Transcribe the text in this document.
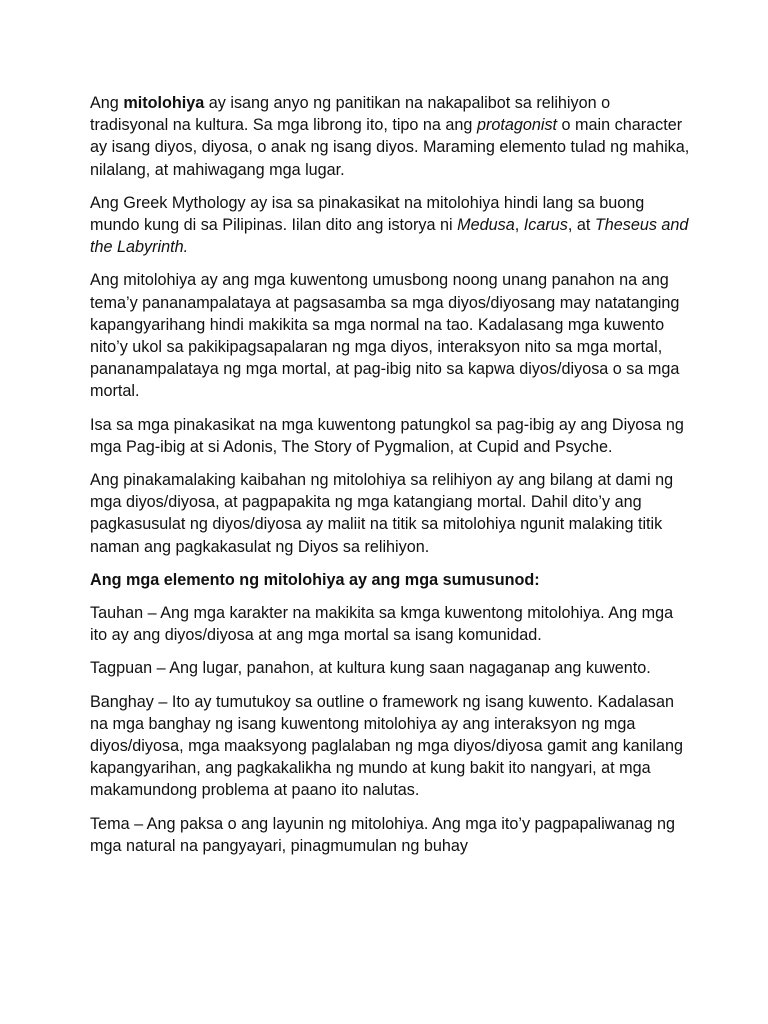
Ang mitolohiya ay isang anyo ng panitikan na nakapalibot sa relihiyon o tradisyonal na kultura. Sa mga librong ito, tipo na ang protagonist o main character ay isang diyos, diyosa, o anak ng isang diyos. Maraming elemento tulad ng mahika, nilalang, at mahiwagang mga lugar.

Ang Greek Mythology ay isa sa pinakasikat na mitolohiya hindi lang sa buong mundo kung di sa Pilipinas. Iilan dito ang istorya ni Medusa, Icarus, at Theseus and the Labyrinth.

Ang mitolohiya ay ang mga kuwentong umusbong noong unang panahon na ang tema’y pananampalataya at pagsasamba sa mga diyos/diyosang may natatanging kapangyarihang hindi makikita sa mga normal na tao. Kadalasang mga kuwento nito’y ukol sa pakikipagsapalaran ng mga diyos, interaksyon nito sa mga mortal, pananampalataya ng mga mortal, at pag-ibig nito sa kapwa diyos/diyosa o sa mga mortal.

Isa sa mga pinakasikat na mga kuwentong patungkol sa pag-ibig ay ang Diyosa ng mga Pag-ibig at si Adonis, The Story of Pygmalion, at Cupid and Psyche.

Ang pinakamalaking kaibahan ng mitolohiya sa relihiyon ay ang bilang at dami ng mga diyos/diyosa, at pagpapakita ng mga katangiang mortal. Dahil dito’y ang pagkasusulat ng diyos/diyosa ay maliit na titik sa mitolohiya ngunit malaking titik naman ang pagkakasulat ng Diyos sa relihiyon.

Ang mga elemento ng mitolohiya ay ang mga sumusunod:

Tauhan – Ang mga karakter na makikita sa kmga kuwentong mitolohiya. Ang mga ito ay ang diyos/diyosa at ang mga mortal sa isang komunidad.

Tagpuan – Ang lugar, panahon, at kultura kung saan nagaganap ang kuwento.

Banghay – Ito ay tumutukoy sa outline o framework ng isang kuwento. Kadalasan na mga banghay ng isang kuwentong mitolohiya ay ang interaksyon ng mga diyos/diyosa, mga maaksyong paglalaban ng mga diyos/diyosa gamit ang kanilang kapangyarihan, ang pagkakalikha ng mundo at kung bakit ito nangyari, at mga makamundong problema at paano ito nalutas.

Tema – Ang paksa o ang layunin ng mitolohiya. Ang mga ito’y pagpapaliwanag ng mga natural na pangyayari, pinagmumulan ng buhay
